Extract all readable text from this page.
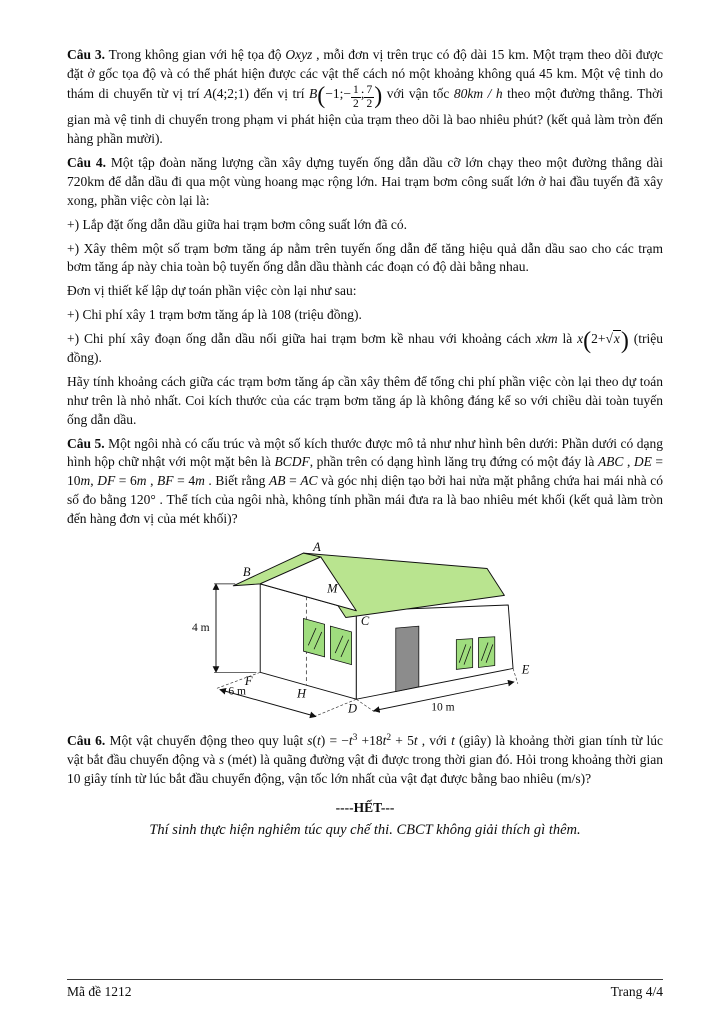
Câu 3. Trong không gian với hệ tọa độ Oxyz , mỗi đơn vị trên trục có độ dài 15 km. Một trạm theo dõi được đặt ở gốc tọa độ và có thể phát hiện được các vật thể cách nó một khoảng không quá 45 km. Một vệ tinh do thám di chuyển từ vị trí A(4;2;1) đến vị trí B(−1;− $\frac{1}{2}$ ; $\frac{7}{2}$ ) với vận tốc 80km / h theo một đường thẳng. Thời gian mà vệ tinh di chuyển trong phạm vi phát hiện của trạm theo dõi là bao nhiêu phút? (kết quả làm tròn đến hàng phần mười).

Câu 4. Một tập đoàn năng lượng cần xây dựng tuyến ống dẫn dầu cỡ lớn chạy theo một đường thẳng dài 720km để dẫn dầu đi qua một vùng hoang mạc rộng lớn. Hai trạm bơm công suất lớn ở hai đầu tuyến đã xây xong, phần việc còn lại là:

+) Lắp đặt ống dẫn dầu giữa hai trạm bơm công suất lớn đã có.

+) Xây thêm một số trạm bơm tăng áp nằm trên tuyến ống dẫn để tăng hiệu quả dẫn dầu sao cho các trạm bơm tăng áp này chia toàn bộ tuyến ống dẫn dầu thành các đoạn có độ dài bằng nhau.

Đơn vị thiết kế lập dự toán phần việc còn lại như sau:

+) Chi phí xây 1 trạm bơm tăng áp là 108 (triệu đồng).

+) Chi phí xây đoạn ống dẫn dầu nối giữa hai trạm bơm kề nhau với khoảng cách xkm là x(2+√x) (triệu đồng).

Hãy tính khoảng cách giữa các trạm bơm tăng áp cần xây thêm để tổng chi phí phần việc còn lại theo dự toán như trên là nhỏ nhất. Coi kích thước của các trạm bơm tăng áp là không đáng kể so với chiều dài toàn tuyến ống dẫn dầu.

Câu 5. Một ngôi nhà có cấu trúc và một số kích thước được mô tả như như hình bên dưới: Phần dưới có dạng hình hộp chữ nhật với một mặt bên là BCDF, phần trên có dạng hình lăng trụ đứng có một đáy là ABC , DE = 10m, DF = 6m , BF = 4m . Biết rằng AB = AC và góc nhị diện tạo bởi hai nửa mặt phẳng chứa hai mái nhà có số đo bằng 120° . Thể tích của ngôi nhà, không tính phần mái đưa ra là bao nhiêu mét khối (kết quả làm tròn đến hàng đơn vị của mét khối)?

4 m
6 m
10 m
A
B
M
C
F
H
D
E

Câu 6. Một vật chuyển động theo quy luật $s(t) = -t^3 +18t^2 + 5t$ , với t (giây) là khoảng thời gian tính từ lúc vật bắt đầu chuyển động và s (mét) là quãng đường vật đi được trong thời gian đó. Hỏi trong khoảng thời gian 10 giây tính từ lúc bắt đầu chuyển động, vận tốc lớn nhất của vật đạt được bằng bao nhiêu (m/s)?

----HẾT---

Thí sinh thực hiện nghiêm túc quy chế thi. CBCT không giải thích gì thêm.

Mã đề 1212	Trang 4/4
